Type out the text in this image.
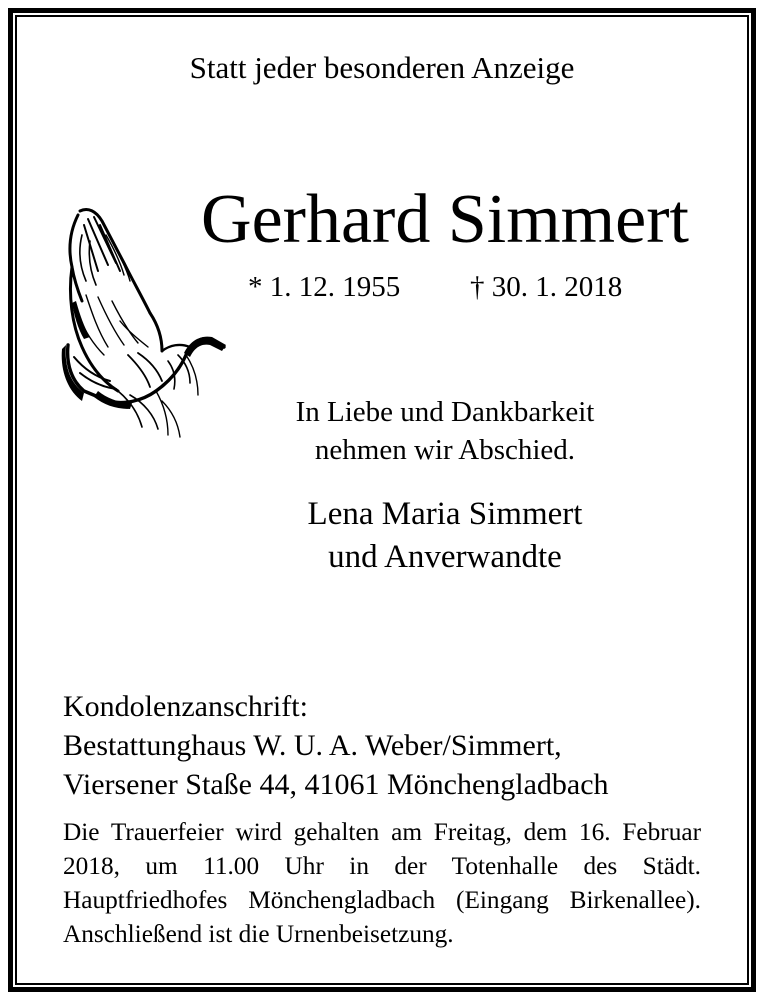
Statt jeder besonderen Anzeige
Gerhard Simmert
* 1. 12. 1955 † 30. 1. 2018
In Liebe und Dankbarkeit
nehmen wir Abschied.
Lena Maria Simmert
und Anverwandte
Kondolenzanschrift:
Bestattunghaus W. U. A. Weber/Simmert,
Viersener Staße 44, 41061 Mönchengladbach
Die Trauerfeier wird gehalten am Freitag, dem 16. Februar 2018, um 11.00 Uhr in der Totenhalle des Städt. Hauptfriedhofes Mönchengladbach (Eingang Birkenallee). Anschließend ist die Urnenbeisetzung.
